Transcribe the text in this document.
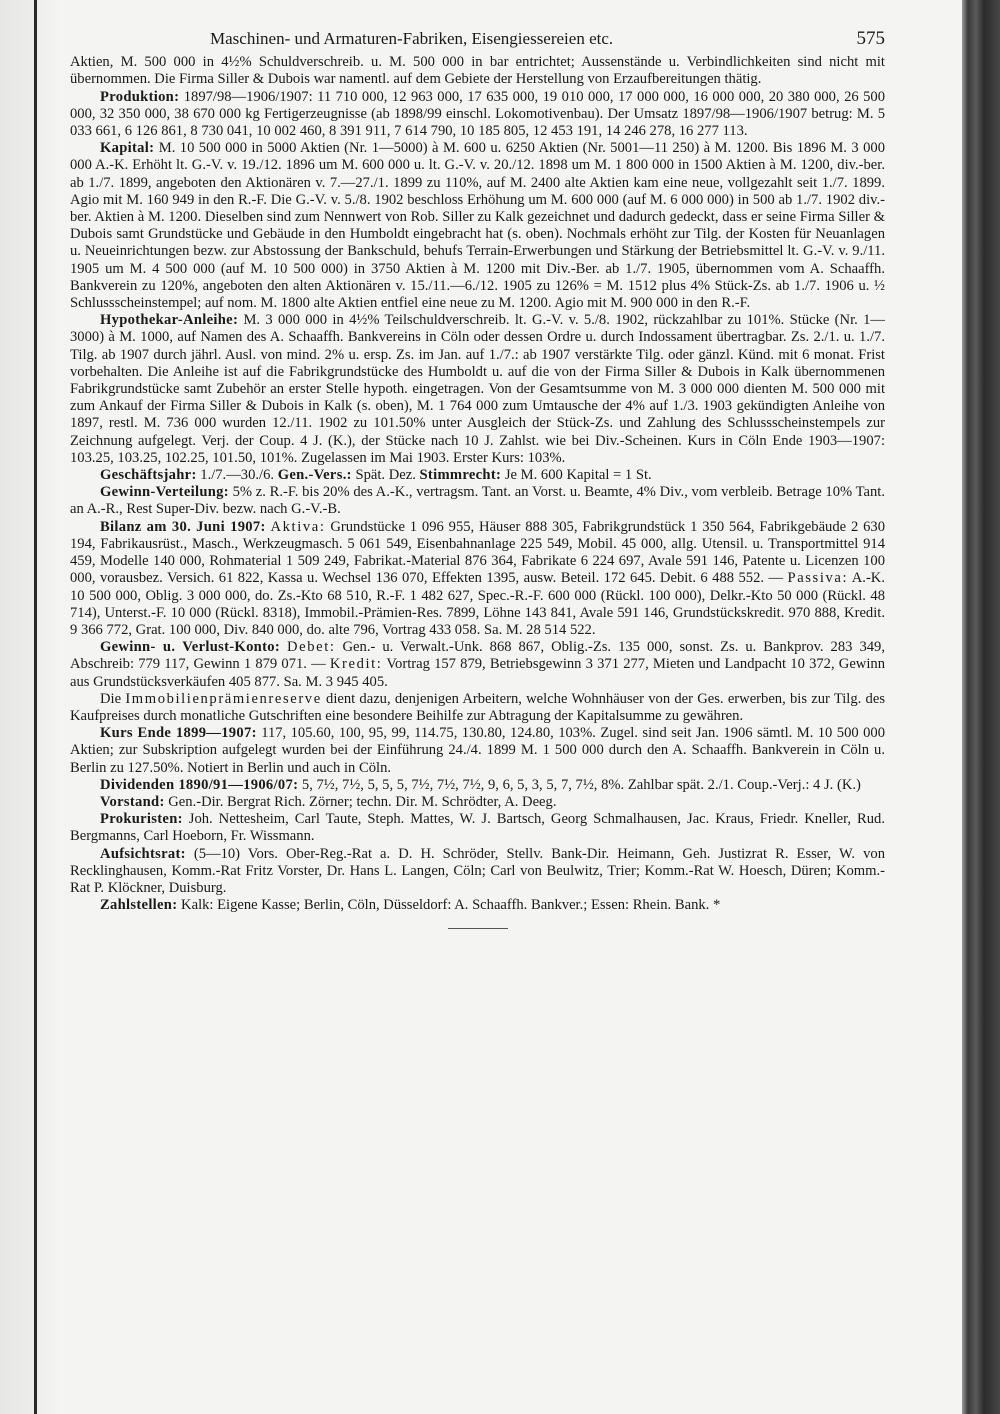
Maschinen- und Armaturen-Fabriken, Eisengiessereien etc.	575

Aktien, M. 500 000 in 4½% Schuldverschreib. u. M. 500 000 in bar entrichtet; Aussenstände u. Verbindlichkeiten sind nicht mit übernommen. Die Firma Siller & Dubois war namentl. auf dem Gebiete der Herstellung von Erzaufbereitungen thätig.

Produktion: 1897/98—1906/1907: 11 710 000, 12 963 000, 17 635 000, 19 010 000, 17 000 000, 16 000 000, 20 380 000, 26 500 000, 32 350 000, 38 670 000 kg Fertigerzeugnisse (ab 1898/99 einschl. Lokomotivenbau). Der Umsatz 1897/98—1906/1907 betrug: M. 5 033 661, 6 126 861, 8 730 041, 10 002 460, 8 391 911, 7 614 790, 10 185 805, 12 453 191, 14 246 278, 16 277 113.

Kapital: M. 10 500 000 in 5000 Aktien (Nr. 1—5000) à M. 600 u. 6250 Aktien (Nr. 5001—11 250) à M. 1200. Bis 1896 M. 3 000 000 A.-K. Erhöht lt. G.-V. v. 19./12. 1896 um M. 600 000 u. lt. G.-V. v. 20./12. 1898 um M. 1 800 000 in 1500 Aktien à M. 1200, div.-ber. ab 1./7. 1899, angeboten den Aktionären v. 7.—27./1. 1899 zu 110%, auf M. 2400 alte Aktien kam eine neue, vollgezahlt seit 1./7. 1899. Agio mit M. 160 949 in den R.-F. Die G.-V. v. 5./8. 1902 beschloss Erhöhung um M. 600 000 (auf M. 6 000 000) in 500 ab 1./7. 1902 div.-ber. Aktien à M. 1200. Dieselben sind zum Nennwert von Rob. Siller zu Kalk gezeichnet und dadurch gedeckt, dass er seine Firma Siller & Dubois samt Grundstücke und Gebäude in den Humboldt eingebracht hat (s. oben). Nochmals erhöht zur Tilg. der Kosten für Neuanlagen u. Neueinrichtungen bezw. zur Abstossung der Bankschuld, behufs Terrain-Erwerbungen und Stärkung der Betriebsmittel lt. G.-V. v. 9./11. 1905 um M. 4 500 000 (auf M. 10 500 000) in 3750 Aktien à M. 1200 mit Div.-Ber. ab 1./7. 1905, übernommen vom A. Schaaffh. Bankverein zu 120%, angeboten den alten Aktionären v. 15./11.—6./12. 1905 zu 126% = M. 1512 plus 4% Stück-Zs. ab 1./7. 1906 u. ½ Schlussscheinstempel; auf nom. M. 1800 alte Aktien entfiel eine neue zu M. 1200. Agio mit M. 900 000 in den R.-F.

Hypothekar-Anleihe: M. 3 000 000 in 4½% Teilschuldverschreib. lt. G.-V. v. 5./8. 1902, rückzahlbar zu 101%. Stücke (Nr. 1—3000) à M. 1000, auf Namen des A. Schaaffh. Bankvereins in Cöln oder dessen Ordre u. durch Indossament übertragbar. Zs. 2./1. u. 1./7. Tilg. ab 1907 durch jährl. Ausl. von mind. 2% u. ersp. Zs. im Jan. auf 1./7.: ab 1907 verstärkte Tilg. oder gänzl. Künd. mit 6 monat. Frist vorbehalten. Die Anleihe ist auf die Fabrikgrundstücke des Humboldt u. auf die von der Firma Siller & Dubois in Kalk übernommenen Fabrikgrundstücke samt Zubehör an erster Stelle hypoth. eingetragen. Von der Gesamtsumme von M. 3 000 000 dienten M. 500 000 mit zum Ankauf der Firma Siller & Dubois in Kalk (s. oben), M. 1 764 000 zum Umtausche der 4% auf 1./3. 1903 gekündigten Anleihe von 1897, restl. M. 736 000 wurden 12./11. 1902 zu 101.50% unter Ausgleich der Stück-Zs. und Zahlung des Schlussscheinstempels zur Zeichnung aufgelegt. Verj. der Coup. 4 J. (K.), der Stücke nach 10 J. Zahlst. wie bei Div.-Scheinen. Kurs in Cöln Ende 1903—1907: 103.25, 103.25, 102.25, 101.50, 101%. Zugelassen im Mai 1903. Erster Kurs: 103%.

Geschäftsjahr: 1./7.—30./6. Gen.-Vers.: Spät. Dez. Stimmrecht: Je M. 600 Kapital = 1 St.

Gewinn-Verteilung: 5% z. R.-F. bis 20% des A.-K., vertragsm. Tant. an Vorst. u. Beamte, 4% Div., vom verbleib. Betrage 10% Tant. an A.-R., Rest Super-Div. bezw. nach G.-V.-B.

Bilanz am 30. Juni 1907: Aktiva: Grundstücke 1 096 955, Häuser 888 305, Fabrikgrundstück 1 350 564, Fabrikgebäude 2 630 194, Fabrikausrüst., Masch., Werkzeugmasch. 5 061 549, Eisenbahnanlage 225 549, Mobil. 45 000, allg. Utensil. u. Transportmittel 914 459, Modelle 140 000, Rohmaterial 1 509 249, Fabrikat.-Material 876 364, Fabrikate 6 224 697, Avale 591 146, Patente u. Licenzen 100 000, vorausbez. Versich. 61 822, Kassa u. Wechsel 136 070, Effekten 1395, ausw. Beteil. 172 645. Debit. 6 488 552. — Passiva: A.-K. 10 500 000, Oblig. 3 000 000, do. Zs.-Kto 68 510, R.-F. 1 482 627, Spec.-R.-F. 600 000 (Rückl. 100 000), Delkr.-Kto 50 000 (Rückl. 48 714), Unterst.-F. 10 000 (Rückl. 8318), Immobil.-Prämien-Res. 7899, Löhne 143 841, Avale 591 146, Grundstückskredit. 970 888, Kredit. 9 366 772, Grat. 100 000, Div. 840 000, do. alte 796, Vortrag 433 058. Sa. M. 28 514 522.

Gewinn- u. Verlust-Konto: Debet: Gen.- u. Verwalt.-Unk. 868 867, Oblig.-Zs. 135 000, sonst. Zs. u. Bankprov. 283 349, Abschreib: 779 117, Gewinn 1 879 071. — Kredit: Vortrag 157 879, Betriebsgewinn 3 371 277, Mieten und Landpacht 10 372, Gewinn aus Grundstücksverkäufen 405 877. Sa. M. 3 945 405.

Die Immobilienprämienreserve dient dazu, denjenigen Arbeitern, welche Wohnhäuser von der Ges. erwerben, bis zur Tilg. des Kaufpreises durch monatliche Gutschriften eine besondere Beihilfe zur Abtragung der Kapitalsumme zu gewähren.

Kurs Ende 1899—1907: 117, 105.60, 100, 95, 99, 114.75, 130.80, 124.80, 103%. Zugel. sind seit Jan. 1906 sämtl. M. 10 500 000 Aktien; zur Subskription aufgelegt wurden bei der Einführung 24./4. 1899 M. 1 500 000 durch den A. Schaaffh. Bankverein in Cöln u. Berlin zu 127.50%. Notiert in Berlin und auch in Cöln.

Dividenden 1890/91—1906/07: 5, 7½, 7½, 5, 5, 5, 7½, 7½, 7½, 9, 6, 5, 3, 5, 7, 7½, 8%. Zahlbar spät. 2./1. Coup.-Verj.: 4 J. (K.)

Vorstand: Gen.-Dir. Bergrat Rich. Zörner; techn. Dir. M. Schrödter, A. Deeg.

Prokuristen: Joh. Nettesheim, Carl Taute, Steph. Mattes, W. J. Bartsch, Georg Schmalhausen, Jac. Kraus, Friedr. Kneller, Rud. Bergmanns, Carl Hoeborn, Fr. Wissmann.

Aufsichtsrat: (5—10) Vors. Ober-Reg.-Rat a. D. H. Schröder, Stellv. Bank-Dir. Heimann, Geh. Justizrat R. Esser, W. von Recklinghausen, Komm.-Rat Fritz Vorster, Dr. Hans L. Langen, Cöln; Carl von Beulwitz, Trier; Komm.-Rat W. Hoesch, Düren; Komm.-Rat P. Klöckner, Duisburg.

Zahlstellen: Kalk: Eigene Kasse; Berlin, Cöln, Düsseldorf: A. Schaaffh. Bankver.; Essen: Rhein. Bank. *
